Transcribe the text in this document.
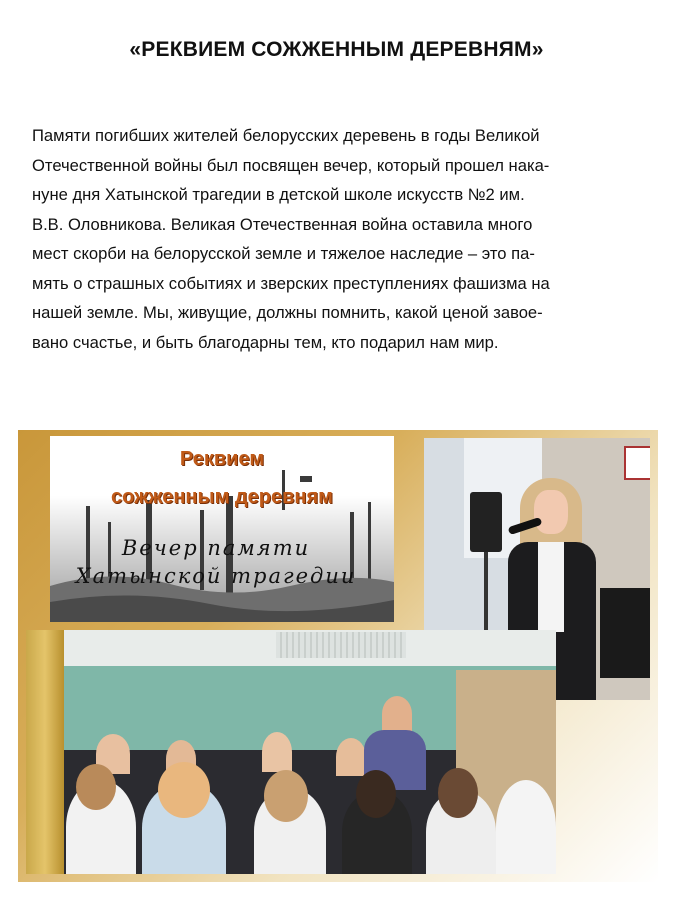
«РЕКВИЕМ СОЖЖЕННЫМ ДЕРЕВНЯМ»
Памяти погибших жителей белорусских деревень в годы Великой
Отечественной войны был посвящен вечер, который прошел нака-
нуне дня Хатынской трагедии в детской школе искусств №2 им.
В.В. Оловникова. Великая Отечественная война оставила много
мест скорби на белорусской земле и тяжелое наследие – это па-
мять о страшных событиях и зверских преступлениях фашизма на
нашей земле. Мы, живущие, должны помнить, какой ценой завое-
вано счастье, и быть благодарны тем, кто подарил нам мир.
Реквием
сожженным деревням
Вечер памяти
Хатынской трагедии
